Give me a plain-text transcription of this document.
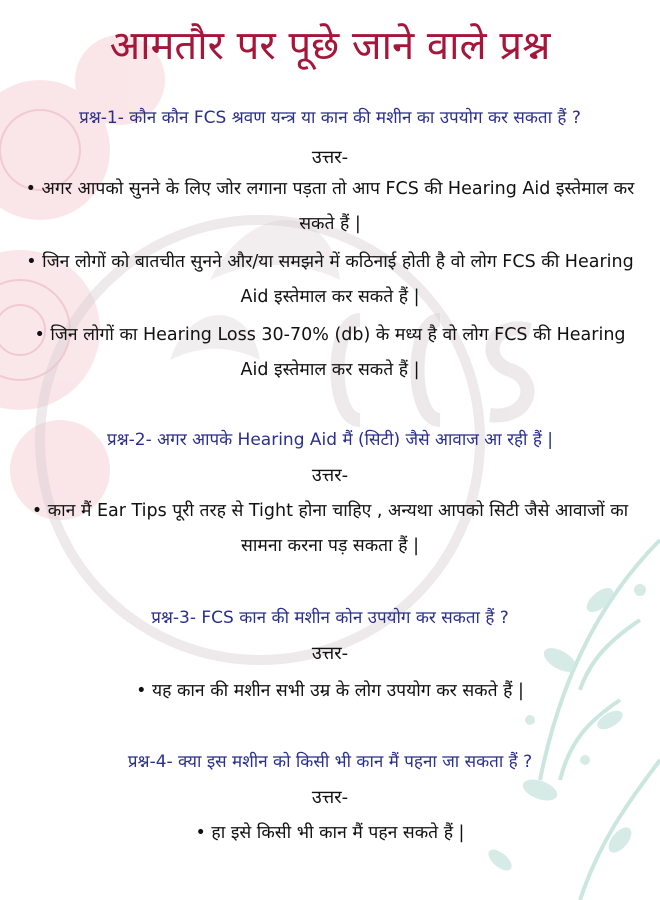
आमतौर पर पूछे जाने वाले प्रश्न
प्रश्न-1- कौन कौन FCS श्रवण यन्त्र या कान की मशीन का उपयोग कर सकता हैं ?
उत्तर-
• अगर आपको सुनने के लिए जोर लगाना पड़ता तो आप FCS की Hearing Aid इस्तेमाल कर सकते हैं |
• जिन लोगों को बातचीत सुनने और/या समझने में कठिनाई होती है वो लोग FCS की Hearing Aid इस्तेमाल कर सकते हैं |
• जिन लोगों का Hearing Loss 30-70% (db) के मध्य है वो लोग FCS की Hearing Aid इस्तेमाल कर सकते हैं |
प्रश्न-2- अगर आपके Hearing Aid मैं (सिटी) जैसे आवाज आ रही हैं |
उत्तर-
• कान मैं Ear Tips पूरी तरह से Tight होना चाहिए , अन्यथा आपको सिटी जैसे आवाजों का सामना करना पड़ सकता हैं |
प्रश्न-3- FCS कान की मशीन कोन उपयोग कर सकता हैं ?
उत्तर-
• यह कान की मशीन सभी उम्र के लोग उपयोग कर सकते हैं |
प्रश्न-4- क्या इस मशीन को किसी भी कान मैं पहना जा सकता हैं ?
उत्तर-
• हा इसे किसी भी कान मैं पहन सकते हैं |
